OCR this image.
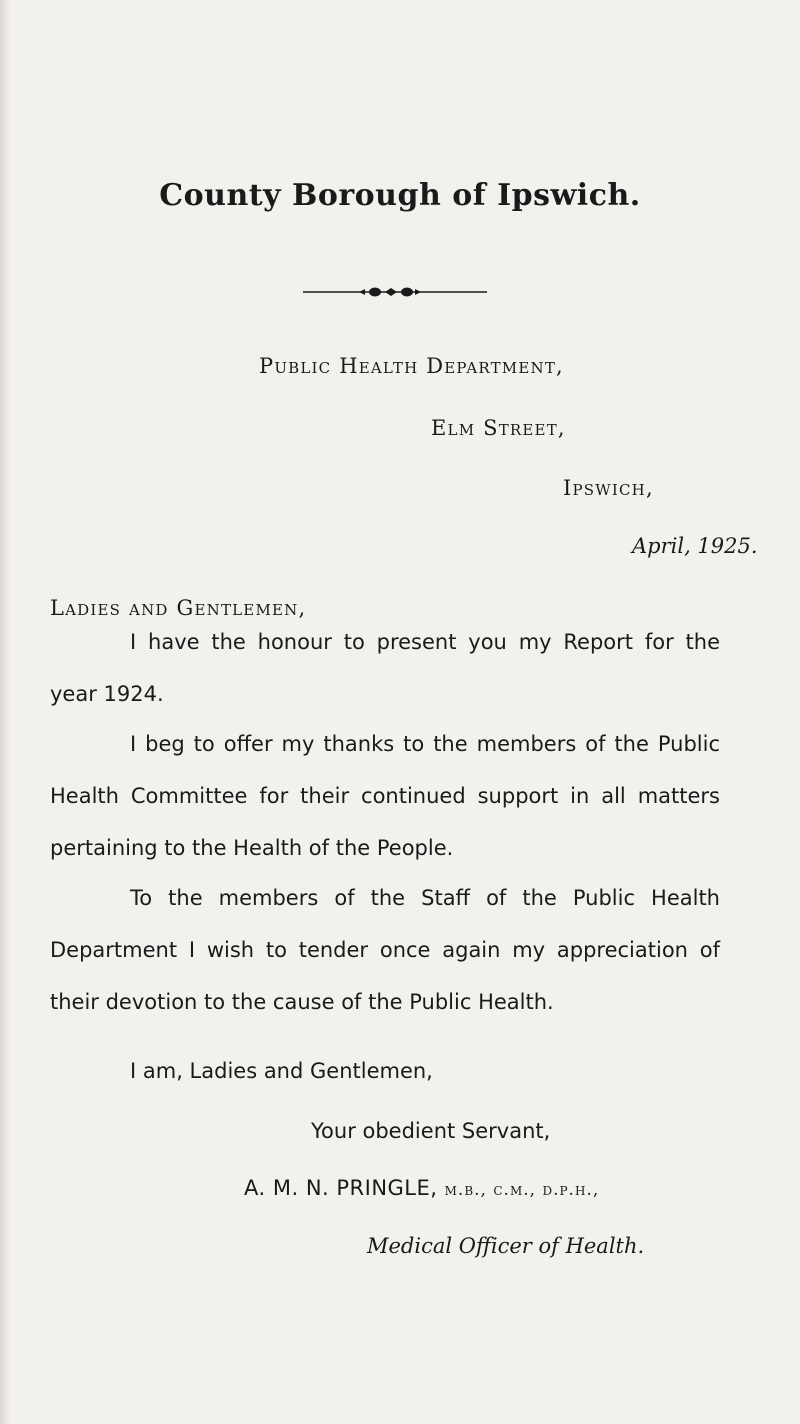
County Borough of Ipswich.
Public Health Department,
Elm Street,
Ipswich,
April, 1925.
Ladies and Gentlemen,
I have the honour to present you my Report for the year 1924.
I beg to offer my thanks to the members of the Public Health Committee for their continued support in all matters pertaining to the Health of the People.
To the members of the Staff of the Public Health Department I wish to tender once again my appreciation of their devotion to the cause of the Public Health.
I am, Ladies and Gentlemen,
Your obedient Servant,
A. M. N. PRINGLE, m.b., c.m., d.p.h.,
Medical Officer of Health.
